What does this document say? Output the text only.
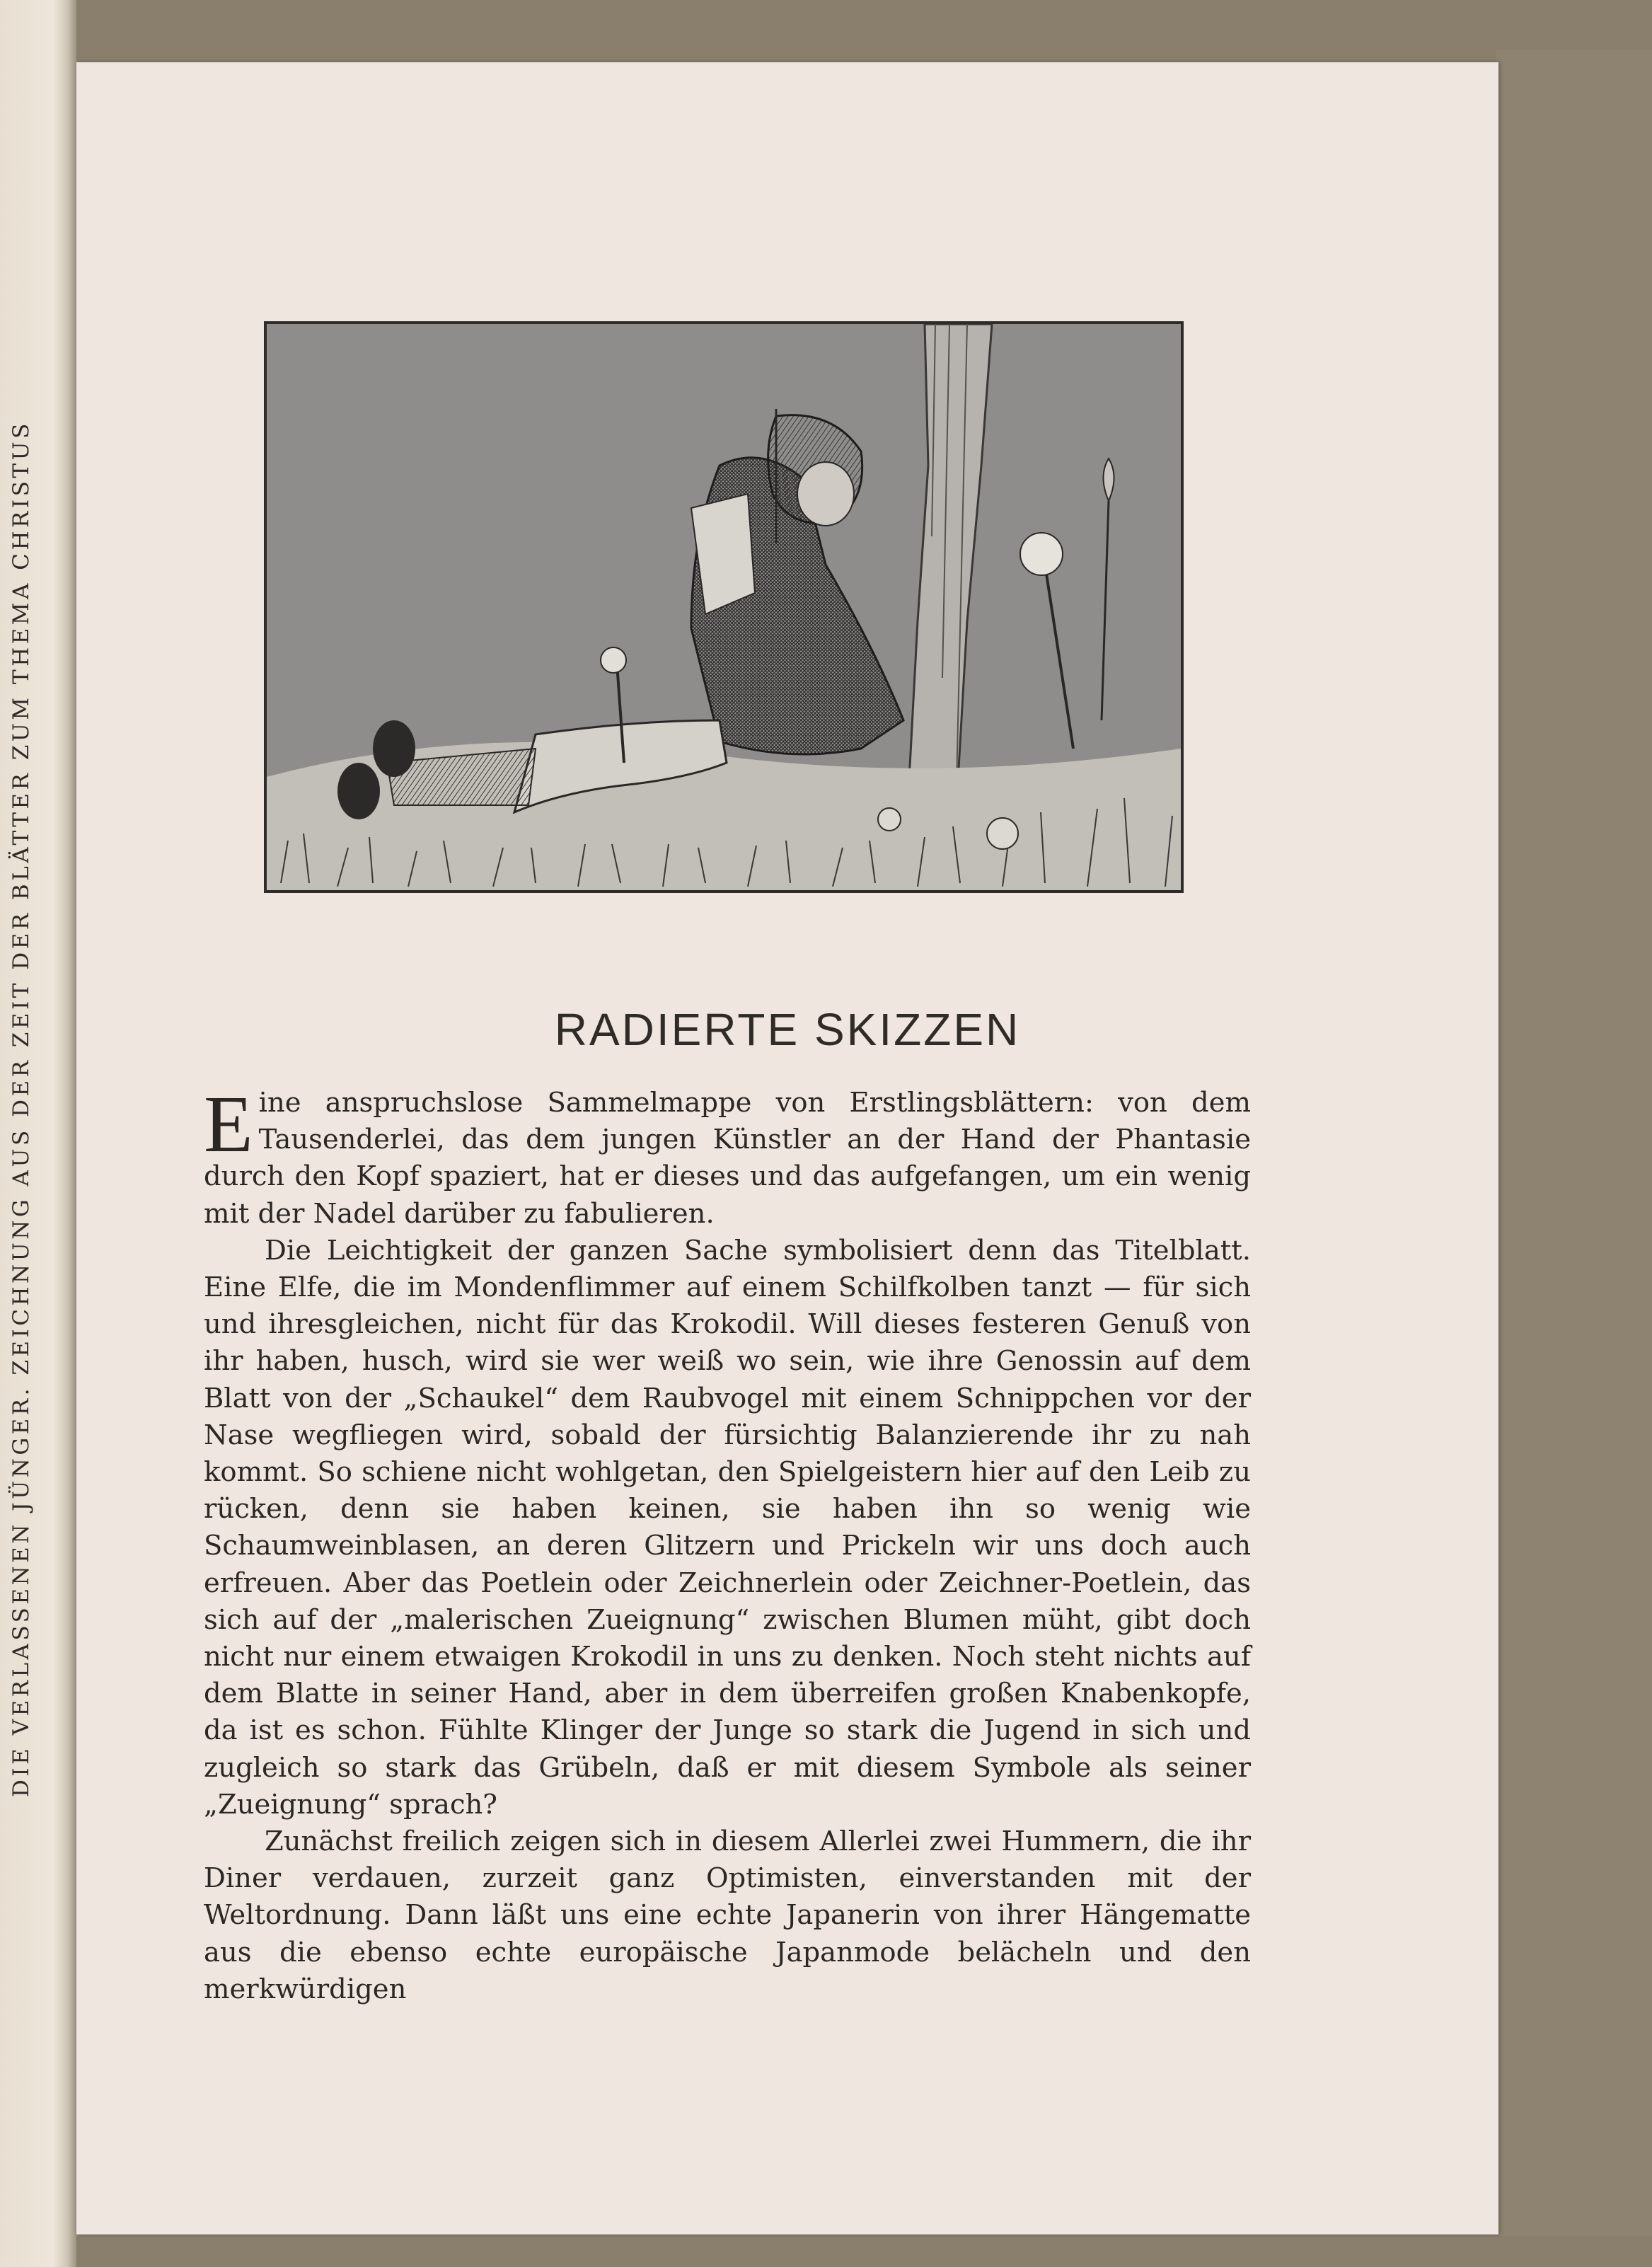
DIE VERLASSENEN JÜNGER. ZEICHNUNG AUS DER ZEIT DER BLÄTTER ZUM THEMA CHRISTUS	RADIERTE SKIZZEN

Eine anspruchslose Sammelmappe von Erstlingsblättern: von dem Tausenderlei, das dem jungen Künstler an der Hand der Phantasie durch den Kopf spaziert, hat er dieses und das aufgefangen, um ein wenig mit der Nadel darüber zu fabulieren.

Die Leichtigkeit der ganzen Sache symbolisiert denn das Titelblatt. Eine Elfe, die im Mondenflimmer auf einem Schilfkolben tanzt — für sich und ihresgleichen, nicht für das Krokodil. Will dieses festeren Genuß von ihr haben, husch, wird sie wer weiß wo sein, wie ihre Genossin auf dem Blatt von der „Schaukel“ dem Raubvogel mit einem Schnippchen vor der Nase wegfliegen wird, sobald der fürsichtig Balanzierende ihr zu nah kommt. So schiene nicht wohlgetan, den Spielgeistern hier auf den Leib zu rücken, denn sie haben keinen, sie haben ihn so wenig wie Schaumweinblasen, an deren Glitzern und Prickeln wir uns doch auch erfreuen. Aber das Poetlein oder Zeichnerlein oder Zeichner-Poetlein, das sich auf der „malerischen Zueignung“ zwischen Blumen müht, gibt doch nicht nur einem etwaigen Krokodil in uns zu denken. Noch steht nichts auf dem Blatte in seiner Hand, aber in dem überreifen großen Knabenkopfe, da ist es schon. Fühlte Klinger der Junge so stark die Jugend in sich und zugleich so stark das Grübeln, daß er mit diesem Symbole als seiner „Zueignung“ sprach?

Zunächst freilich zeigen sich in diesem Allerlei zwei Hummern, die ihr Diner verdauen, zurzeit ganz Optimisten, einverstanden mit der Weltordnung. Dann läßt uns eine echte Japanerin von ihrer Hängematte aus die ebenso echte europäische Japanmode belächeln und den merkwürdigen
